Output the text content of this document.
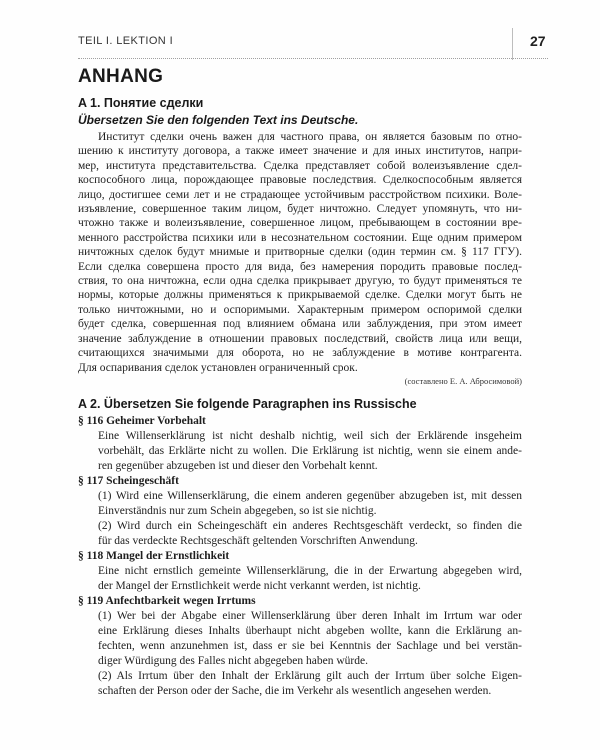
TEIL I. LEKTION I	27
ANHANG
A 1. Понятие сделки
Übersetzen Sie den folgenden Text ins Deutsche.
Институт сделки очень важен для частного права, он является базовым по отно-
шению к институту договора, а также имеет значение и для иных институтов, напри-
мер, института представительства. Сделка представляет собой волеизъявление сдел-
коспособного лица, порождающее правовые последствия. Сделкоспособным является
лицо, достигшее семи лет и не страдающее устойчивым расстройством психики. Воле-
изъявление, совершенное таким лицом, будет ничтожно. Следует упомянуть, что ни-
чтожно также и волеизъявление, совершенное лицом, пребывающем в состоянии вре-
менного расстройства психики или в несознательном состоянии. Еще одним примером
ничтожных сделок будут мнимые и притворные сделки (один термин см. § 117 ГГУ).
Если сделка совершена просто для вида, без намерения породить правовые послед-
ствия, то она ничтожна, если одна сделка прикрывает другую, то будут применяться те
нормы, которые должны применяться к прикрываемой сделке. Сделки могут быть не
только ничтожными, но и оспоримыми. Характерным примером оспоримой сделки
будет сделка, совершенная под влиянием обмана или заблуждения, при этом имеет
значение заблуждение в отношении правовых последствий, свойств лица или вещи,
считающихся значимыми для оборота, но не заблуждение в мотиве контрагента.
Для оспаривания сделок установлен ограниченный срок.
(составлено Е. А. Абросимовой)
A 2. Übersetzen Sie folgende Paragraphen ins Russische
§ 116 Geheimer Vorbehalt
Eine Willenserklärung ist nicht deshalb nichtig, weil sich der Erklärende insgeheim
vorbehält, das Erklärte nicht zu wollen. Die Erklärung ist nichtig, wenn sie einem ande-
ren gegenüber abzugeben ist und dieser den Vorbehalt kennt.
§ 117 Scheingeschäft
(1) Wird eine Willenserklärung, die einem anderen gegenüber abzugeben ist, mit dessen
Einverständnis nur zum Schein abgegeben, so ist sie nichtig.
(2) Wird durch ein Scheingeschäft ein anderes Rechtsgeschäft verdeckt, so finden die
für das verdeckte Rechtsgeschäft geltenden Vorschriften Anwendung.
§ 118 Mangel der Ernstlichkeit
Eine nicht ernstlich gemeinte Willenserklärung, die in der Erwartung abgegeben wird,
der Mangel der Ernstlichkeit werde nicht verkannt werden, ist nichtig.
§ 119 Anfechtbarkeit wegen Irrtums
(1) Wer bei der Abgabe einer Willenserklärung über deren Inhalt im Irrtum war oder
eine Erklärung dieses Inhalts überhaupt nicht abgeben wollte, kann die Erklärung an-
fechten, wenn anzunehmen ist, dass er sie bei Kenntnis der Sachlage und bei verstän-
diger Würdigung des Falles nicht abgegeben haben würde.
(2) Als Irrtum über den Inhalt der Erklärung gilt auch der Irrtum über solche Eigen-
schaften der Person oder der Sache, die im Verkehr als wesentlich angesehen werden.
